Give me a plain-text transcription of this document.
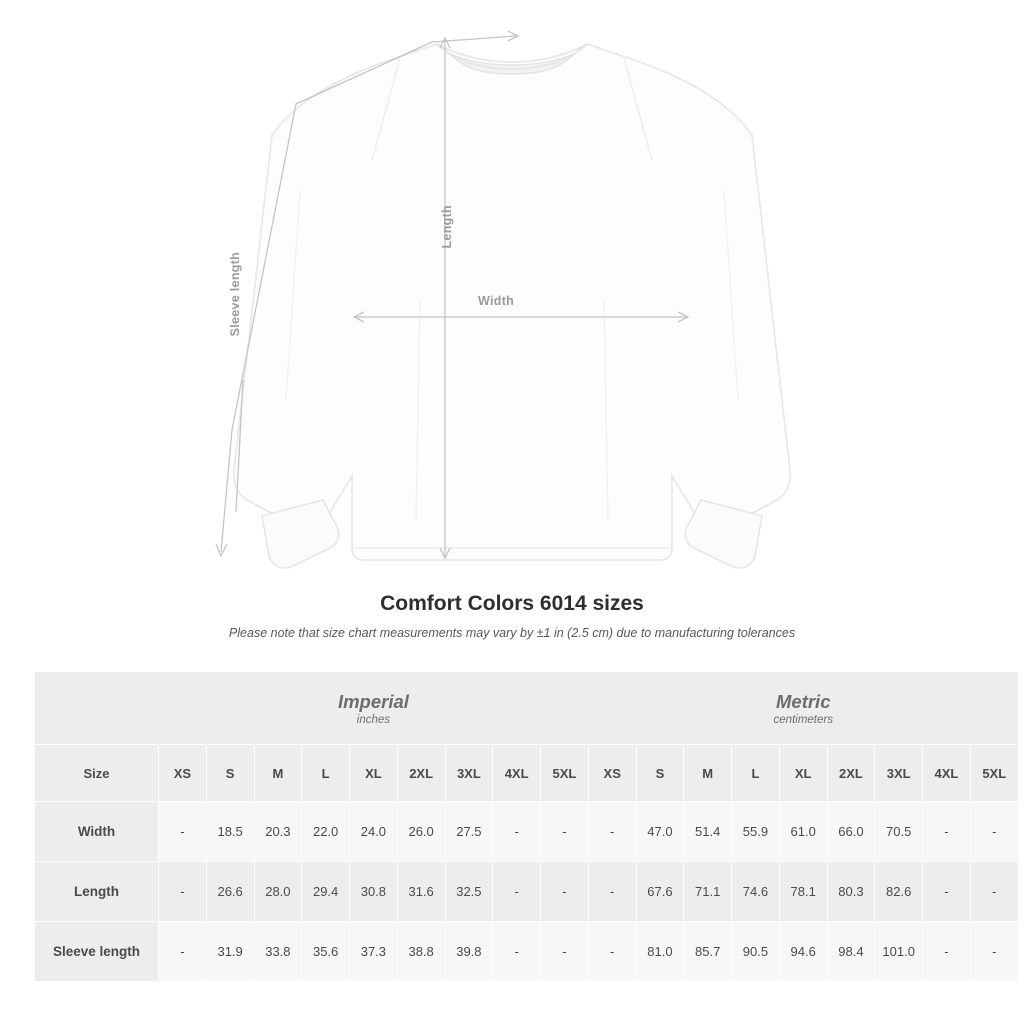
Length
Width
Sleeve length
Comfort Colors 6014 sizes

Please note that size chart measurements may vary by ±1 in (2.5 cm) due to manufacturing tolerances

Imperial
inches

Metric
centimeters

Size	XS	S	M	L	XL	2XL	3XL	4XL	5XL	XS	S	M	L	XL	2XL	3XL	4XL	5XL
Width	-	18.5	20.3	22.0	24.0	26.0	27.5	-	-	-	47.0	51.4	55.9	61.0	66.0	70.5	-	-
Length	-	26.6	28.0	29.4	30.8	31.6	32.5	-	-	-	67.6	71.1	74.6	78.1	80.3	82.6	-	-
Sleeve length	-	31.9	33.8	35.6	37.3	38.8	39.8	-	-	-	81.0	85.7	90.5	94.6	98.4	101.0	-	-
